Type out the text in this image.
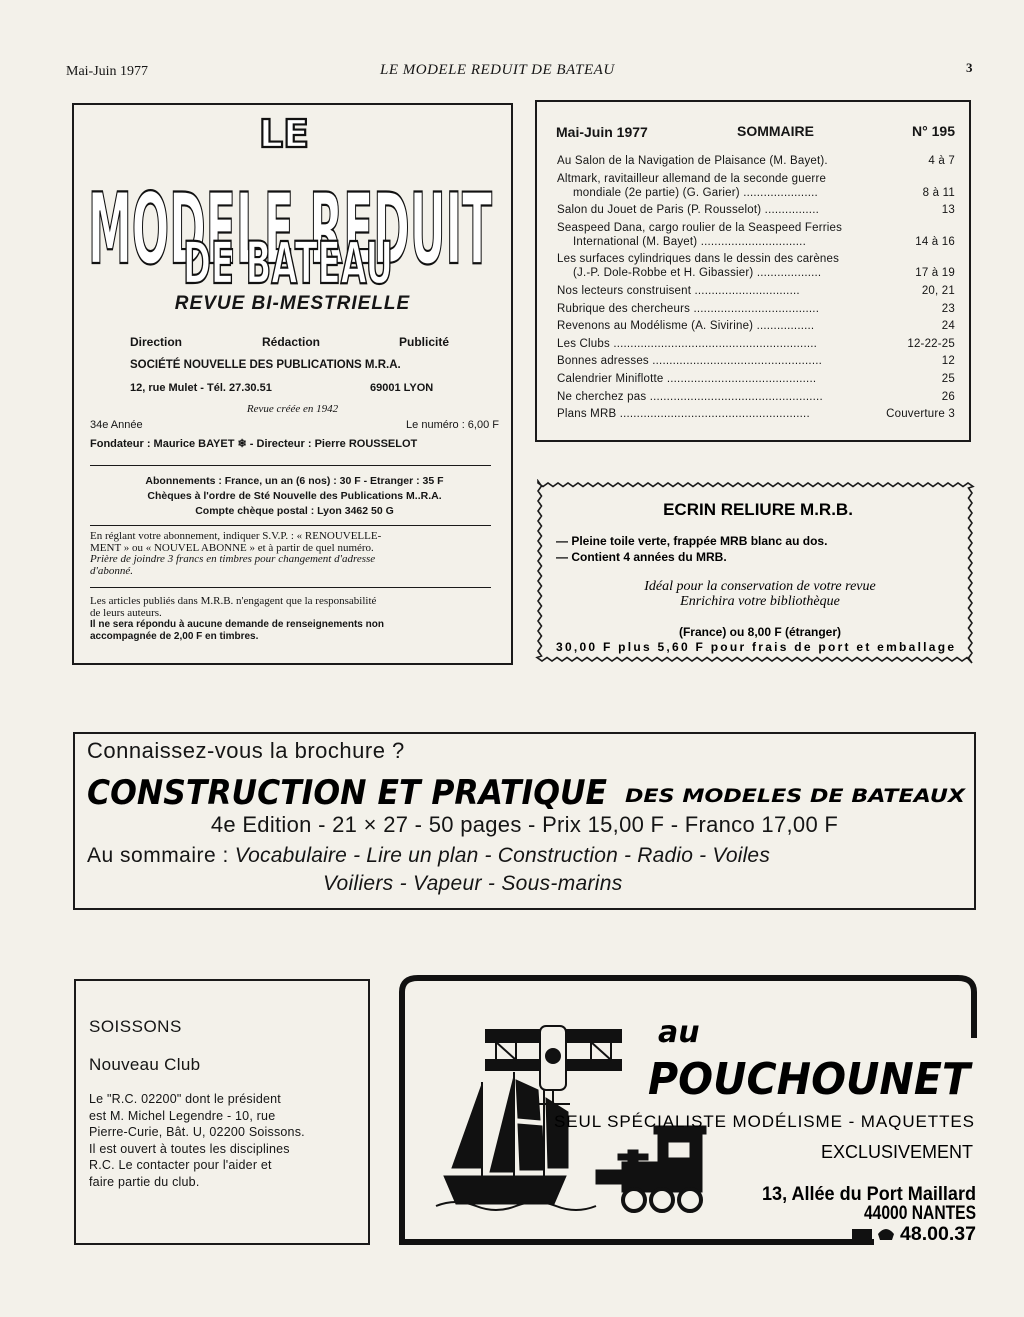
Mai-Juin 1977	LE MODELE REDUIT DE BATEAU	3
LE
MODELE REDUIT
DE BATEAU
REVUE BI-MESTRIELLE
Direction	Rédaction	Publicité
SOCIÉTÉ NOUVELLE DES PUBLICATIONS M.R.A.
12, rue Mulet - Tél. 27.30.51	69001 LYON
Revue créée en 1942
34e Année	Le numéro : 6,00 F
Fondateur : Maurice BAYET ❄ - Directeur : Pierre ROUSSELOT
Abonnements : France, un an (6 nos) : 30 F - Etranger : 35 F
Chèques à l'ordre de Sté Nouvelle des Publications M..R.A.
Compte chèque postal : Lyon 3462 50 G
En réglant votre abonnement, indiquer S.V.P. : « RENOUVELLE-
MENT » ou « NOUVEL ABONNE » et à partir de quel numéro.
Prière de joindre 3 francs en timbres pour changement d'adresse
d'abonné.
Les articles publiés dans M.R.B. n'engagent que la responsabilité
de leurs auteurs.
Il ne sera répondu à aucune demande de renseignements non
accompagnée de 2,00 F en timbres.
Mai-Juin 1977	SOMMAIRE	N° 195
Au Salon de la Navigation de Plaisance (M. Bayet).	4 à 7
Altmark, ravitailleur allemand de la seconde guerre
mondiale (2e partie) (G. Garier) ......................	8 à 11
Salon du Jouet de Paris (P. Rousselot) ................	13
Seaspeed Dana, cargo roulier de la Seaspeed Ferries
International (M. Bayet) ...............................	14 à 16
Les surfaces cylindriques dans le dessin des carènes
(J.-P. Dole-Robbe et H. Gibassier) ...................	17 à 19
Nos lecteurs construisent ...............................	20, 21
Rubrique des chercheurs .....................................	23
Revenons au Modélisme (A. Sivirine) .................	24
Les Clubs ............................................................	12-22-25
Bonnes adresses ..................................................	12
Calendrier Miniflotte ............................................	25
Ne cherchez pas ...................................................	26
Plans MRB ........................................................	Couverture 3
ECRIN RELIURE M.R.B.
— Pleine toile verte, frappée MRB blanc au dos.
— Contient 4 années du MRB.
Idéal pour la conservation de votre revue
Enrichira votre bibliothèque
(France) ou 8,00 F (étranger)
30,00 F plus 5,60 F pour frais de port et emballage
Connaissez-vous la brochure ?
CONSTRUCTION ET PRATIQUE DES MODELES DE BATEAUX
4e Edition - 21 × 27 - 50 pages - Prix 15,00 F - Franco 17,00 F
Au sommaire : Vocabulaire - Lire un plan - Construction - Radio - Voiles
Voiliers - Vapeur - Sous-marins
SOISSONS
Nouveau Club
Le "R.C. 02200" dont le président
est M. Michel Legendre - 10, rue
Pierre-Curie, Bât. U, 02200 Soissons.
Il est ouvert à toutes les disciplines
R.C. Le contacter pour l'aider et
faire partie du club.
au
POUCHOUNET
SEUL SPÉCIALISTE MODÉLISME - MAQUETTES
EXCLUSIVEMENT
13, Allée du Port Maillard
44000 NANTES
48.00.37
